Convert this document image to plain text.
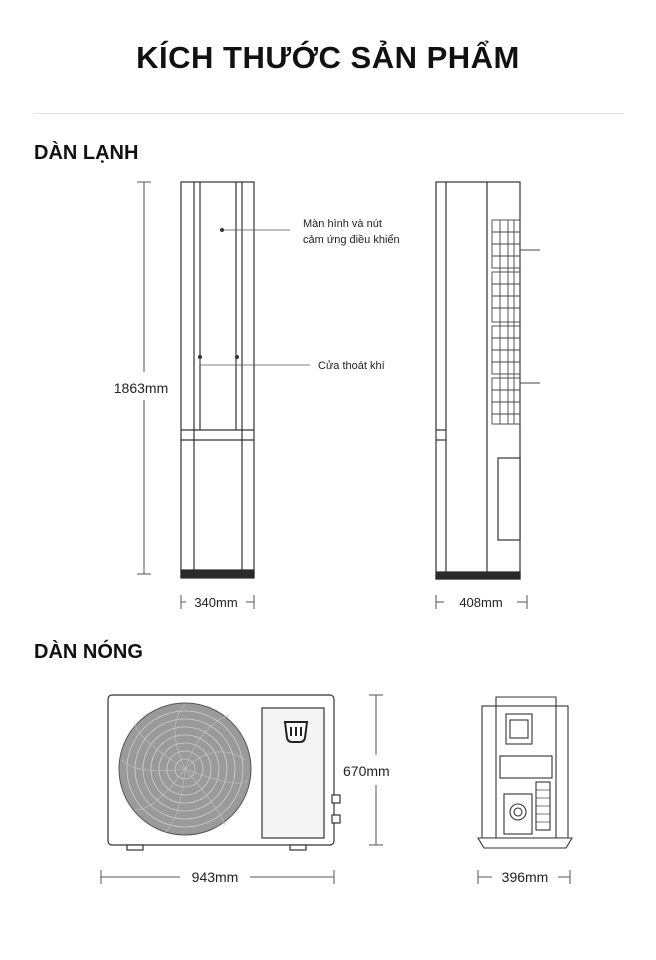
KÍCH THƯỚC SẢN PHẨM
DÀN LẠNH
DÀN NÓNG
1863mm
Màn hình và nút
cảm ứng điều khiển
Cửa thoát khí
340mm	408mm
670mm
943mm	396mm
